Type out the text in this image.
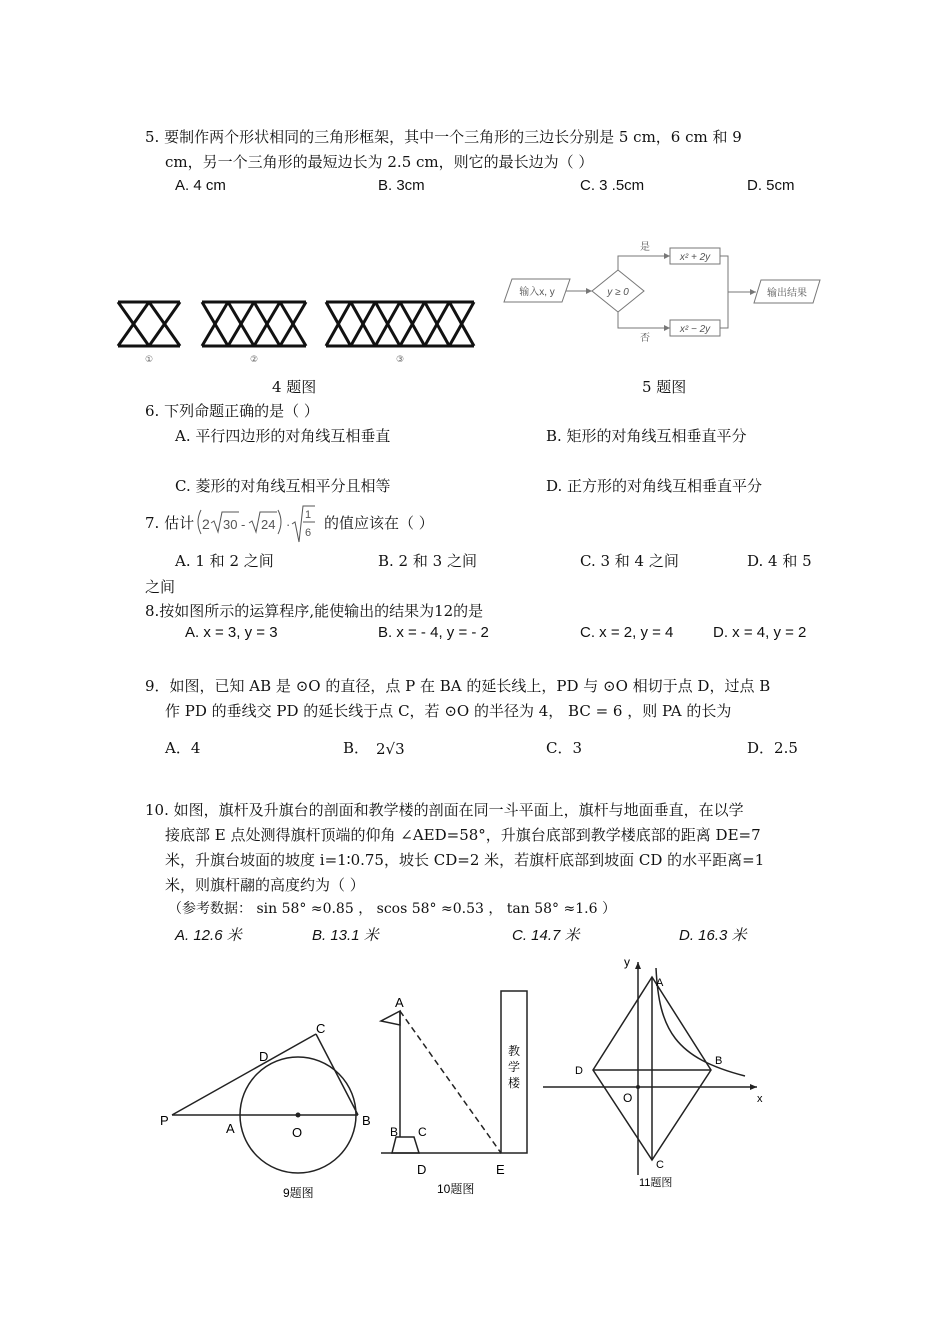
5. 要制作两个形状相同的三角形框架，其中一个三角形的三边长分别是 5 cm，6 cm 和 9
cm，另一个三角形的最短边长为 2.5 cm，则它的最长边为（ ）
A. 4 cm	B. 3cm	C. 3 .5cm	D. 5cm
①	②	③
输入x, y	y ≥ 0
是
否
x² + 2y
x² − 2y
输出结果
4 题图	5 题图
6. 下列命题正确的是（ ）
A. 平行四边形的对角线互相垂直	B. 矩形的对角线互相垂直平分
C. 菱形的对角线互相平分且相等	D. 正方形的对角线互相垂直平分
7. 估计 2 30 - 24 ·
1
6
的值应该在（ ）
A. 1 和 2 之间	B. 2 和 3 之间	C. 3 和 4 之间	D. 4 和 5
之间
8.按如图所示的运算程序,能使输出的结果为12的是
A. x = 3, y = 3	B. x = - 4, y = - 2	C. x = 2, y = 4	D. x = 4, y = 2
9．如图，已知 AB 是 ⊙O 的直径，点 P 在 BA 的延长线上，PD 与 ⊙O 相切于点 D，过点 B
作 PD 的垂线交 PD 的延长线于点 C，若 ⊙O 的半径为 4， BC = 6 ，则 PA 的长为
A．4	B． 2√3	C．3	D．2.5
10. 如图，旗杆及升旗台的剖面和教学楼的剖面在同一斗平面上，旗杆与地面垂直，在以学
接底部 E 点处测得旗杆顶端的仰角 ∠AED=58°，升旗台底部到教学楼底部的距离 DE=7
米，升旗台坡面的坡度 i=1∶0.75，坡长 CD=2 米，若旗杆底部到坡面 CD 的水平距离=1
米，则旗杆翮的高度约为（ ）
（参考数据： sin 58° ≈0.85 ， scos 58° ≈0.53 ， tan 58° ≈1.6 ）
A. 12.6 米	B. 13.1 米	C. 14.7 米	D. 16.3 米
P
A	O
B
C
D
9题图
A
B C
D	E
教
学
楼
10题图
x
y
A
B
C
D
O
11题图
